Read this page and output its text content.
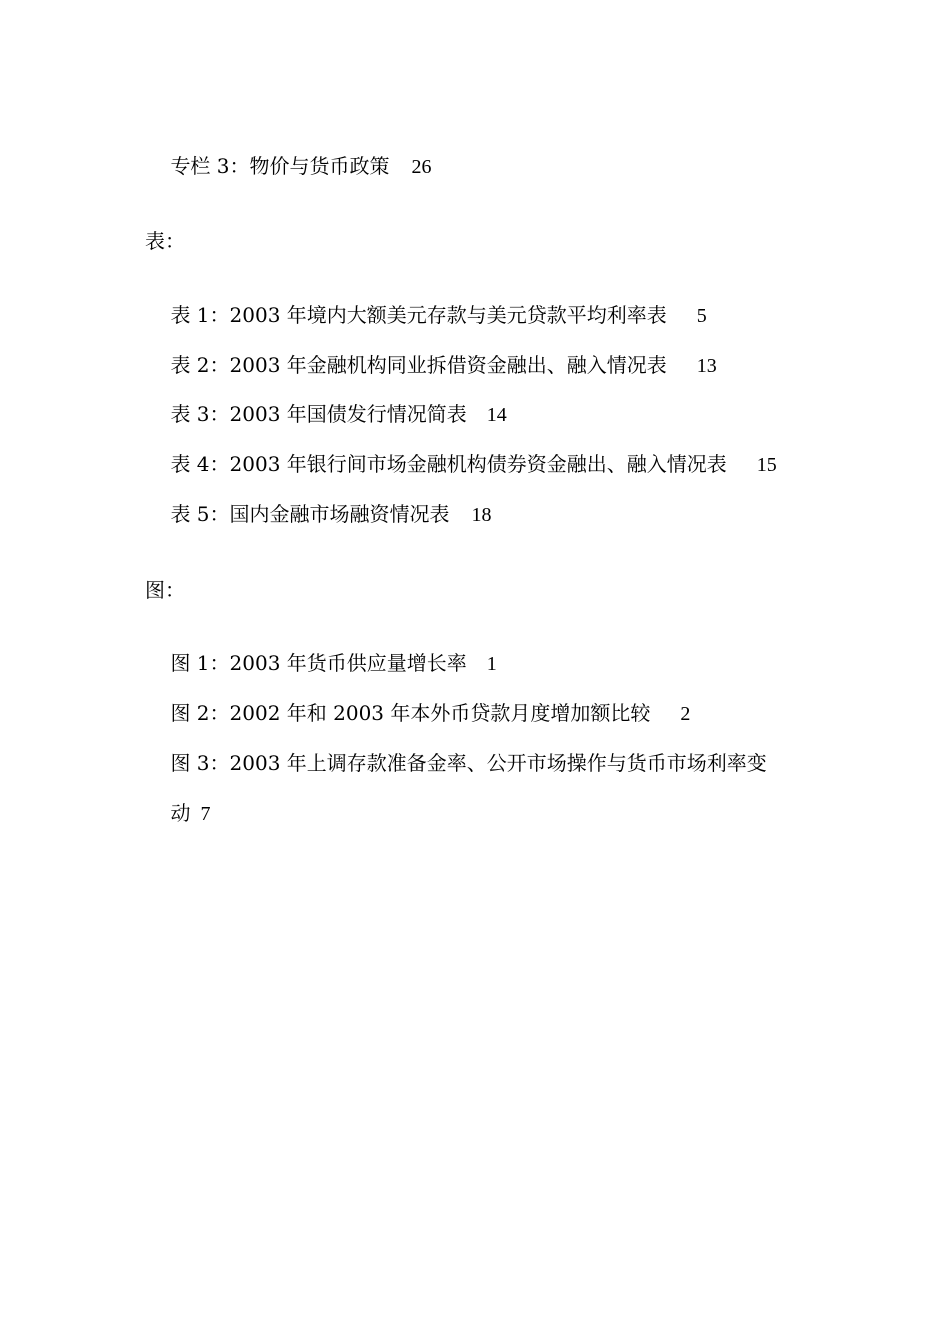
专栏 3：物价与货币政策 26

表：

表 1：2003 年境内大额美元存款与美元贷款平均利率表 5

表 2：2003 年金融机构同业拆借资金融出、融入情况表 13

表 3：2003 年国债发行情况简表 14

表 4：2003 年银行间市场金融机构债券资金融出、融入情况表 15

表 5：国内金融市场融资情况表 18

图：

图 1：2003 年货币供应量增长率 1

图 2：2002 年和 2003 年本外币贷款月度增加额比较 2

图 3：2003 年上调存款准备金率、公开市场操作与货币市场利率变

动 7
